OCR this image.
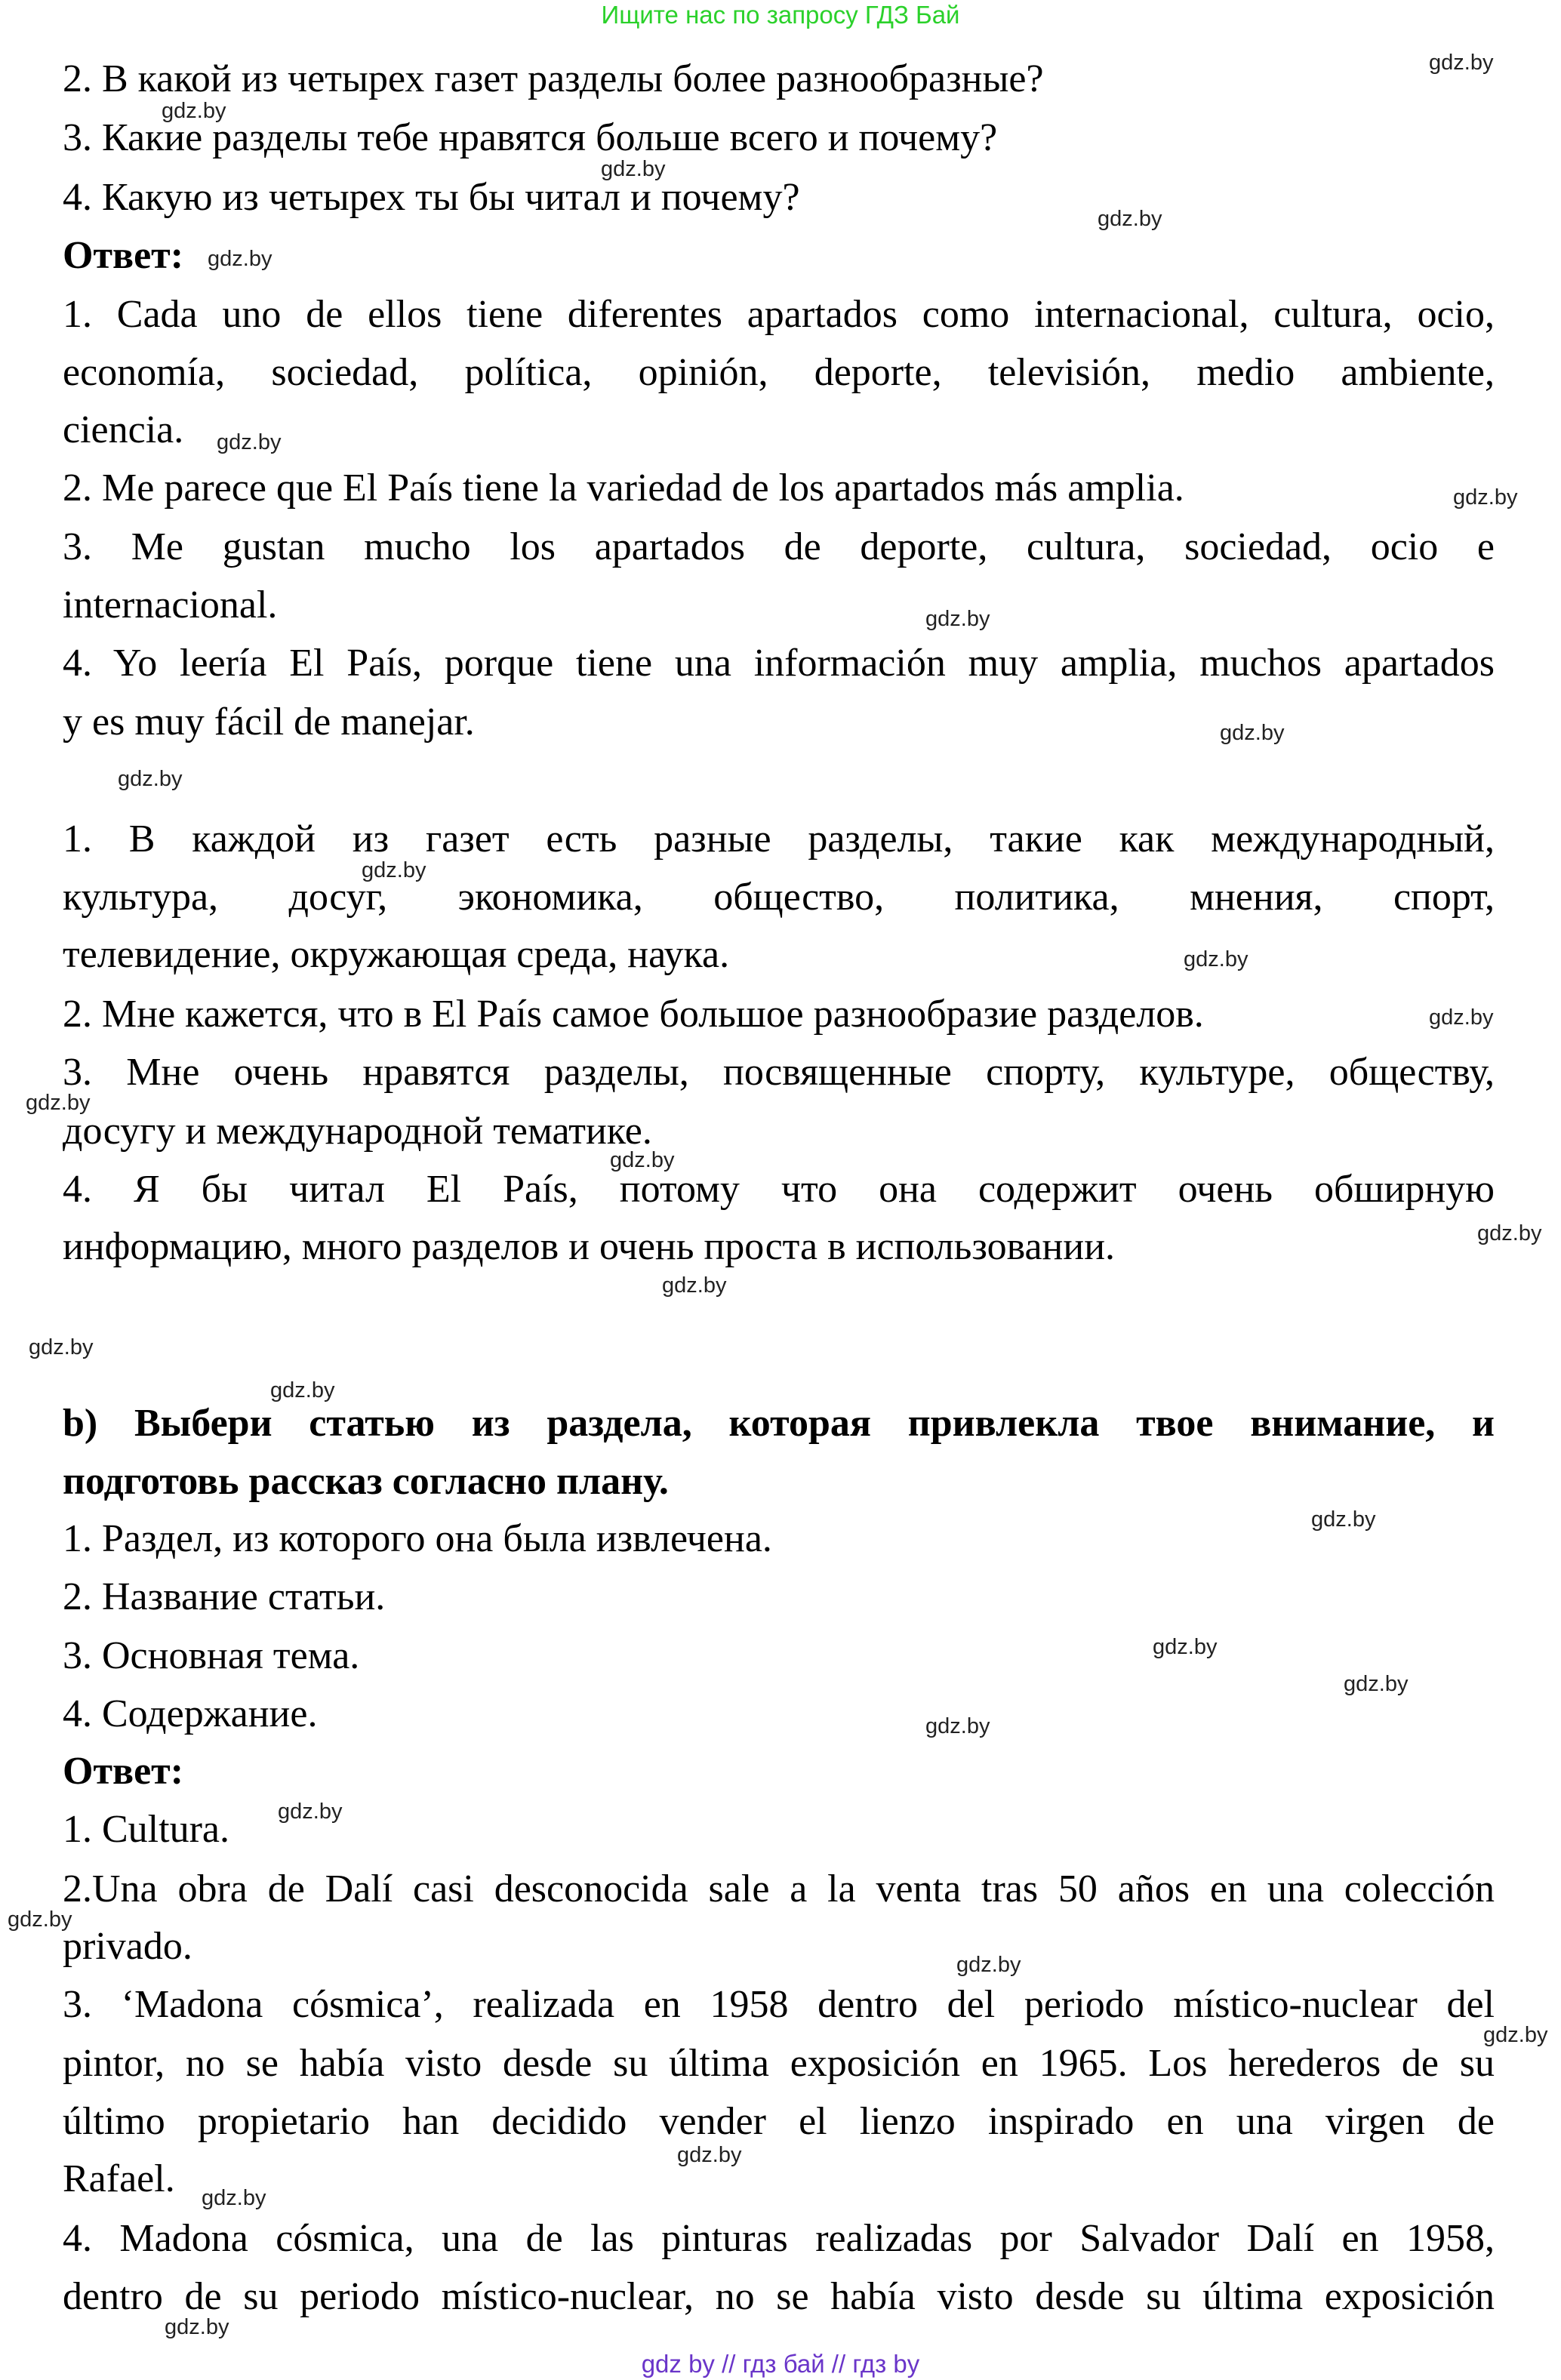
Ищите нас по запросу ГДЗ Бай
2. В какой из четырех газет разделы более разнообразные?
3. Какие разделы тебе нравятся больше всего и почему?
4. Какую из четырех ты бы читал и почему?
Ответ:
1. Cada uno de ellos tiene diferentes apartados como internacional, cultura, ocio,
economía, sociedad, política, opinión, deporte, televisión, medio ambiente,
ciencia.
2. Me parece que El País tiene la variedad de los apartados más amplia.
3. Me gustan mucho los apartados de deporte, cultura, sociedad, ocio e
internacional.
4. Yo leería El País, porque tiene una información muy amplia, muchos apartados
y es muy fácil de manejar.
1. В каждой из газет есть разные разделы, такие как международный,
культура, досуг, экономика, общество, политика, мнения, спорт,
телевидение, окружающая среда, наука.
2. Мне кажется, что в El País самое большое разнообразие разделов.
3. Мне очень нравятся разделы, посвященные спорту, культуре, обществу,
досугу и международной тематике.
4. Я бы читал El País, потому что она содержит очень обширную
информацию, много разделов и очень проста в использовании.
b) Выбери статью из раздела, которая привлекла твое внимание, и
подготовь рассказ согласно плану.
1. Раздел, из которого она была извлечена.
2. Название статьи.
3. Основная тема.
4. Содержание.
Ответ:
1. Cultura.
2.Una obra de Dalí casi desconocida sale a la venta tras 50 años en una colección
privado.
3. ‘Madona cósmica’, realizada en 1958 dentro del periodo místico-nuclear del
pintor, no se había visto desde su última exposición en 1965. Los herederos de su
último propietario han decidido vender el lienzo inspirado en una virgen de
Rafael.
4. Madona cósmica, una de las pinturas realizadas por Salvador Dalí en 1958,
dentro de su periodo místico-nuclear, no se había visto desde su última exposición
gdz.by
gdz.by
gdz.by
gdz.by
gdz.by
gdz.by
gdz.by
gdz.by
gdz.by
gdz.by
gdz.by
gdz.by
gdz.by
gdz.by
gdz.by
gdz.by
gdz.by
gdz.by
gdz.by
gdz.by
gdz.by
gdz.by
gdz.by
gdz.by
gdz.by
gdz.by
gdz.by
gdz.by
gdz.by
gdz.by
gdz by // гдз бай // гдз by
